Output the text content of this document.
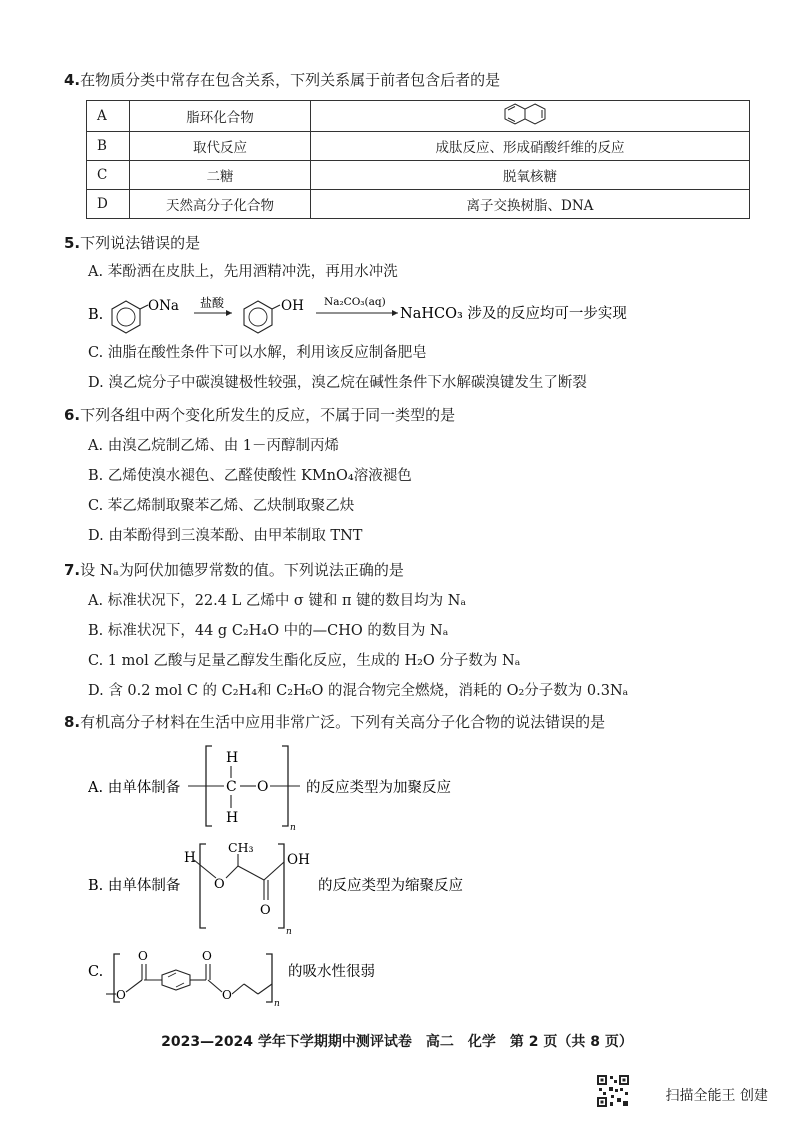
4.在物质分类中常存在包含关系，下列关系属于前者包含后者的是
A	脂环化合物	
B	取代反应	成肽反应、形成硝酸纤维的反应
C	二糖	脱氧核糖
D	天然高分子化合物	离子交换树脂、DNA
5.下列说法错误的是
A. 苯酚洒在皮肤上，先用酒精冲洗，再用水冲洗
B.
ONa 盐酸	OH Na₂CO₃(aq)
NaHCO₃ 涉及的反应均可一步实现
C. 油脂在酸性条件下可以水解，利用该反应制备肥皂
D. 溴乙烷分子中碳溴键极性较强，溴乙烷在碱性条件下水解碳溴键发生了断裂
6.下列各组中两个变化所发生的反应，不属于同一类型的是
A. 由溴乙烷制乙烯、由 1－丙醇制丙烯
B. 乙烯使溴水褪色、乙醛使酸性 KMnO₄溶液褪色
C. 苯乙烯制取聚苯乙烯、乙炔制取聚乙炔
D. 由苯酚得到三溴苯酚、由甲苯制取 TNT
7.设 Nₐ为阿伏加德罗常数的值。下列说法正确的是
A. 标准状况下，22.4 L 乙烯中 σ 键和 π 键的数目均为 Nₐ
B. 标准状况下，44 g C₂H₄O 中的—CHO 的数目为 Nₐ
C. 1 mol 乙酸与足量乙醇发生酯化反应，生成的 H₂O 分子数为 Nₐ
D. 含 0.2 mol C 的 C₂H₄和 C₂H₆O 的混合物完全燃烧，消耗的 O₂分子数为 0.3Nₐ
8.有机高分子材料在生活中应用非常广泛。下列有关高分子化合物的说法错误的是
A. 由单体制备
H
C
H
O
n
的反应类型为加聚反应
B. 由单体制备
H
O
CH₃
O
OH
n
的反应类型为缩聚反应
C.
O
O	O
O
n
的吸水性很弱
2023—2024 学年下学期期中测评试卷　高二　化学　第 2 页（共 8 页）
扫描全能王 创建
